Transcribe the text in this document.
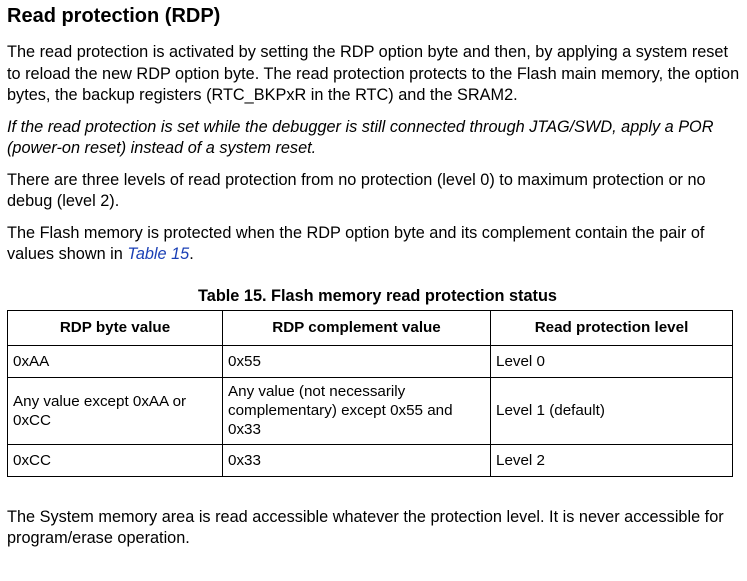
Read protection (RDP)

The read protection is activated by setting the RDP option byte and then, by applying a system reset to reload the new RDP option byte. The read protection protects to the Flash main memory, the option bytes, the backup registers (RTC_BKPxR in the RTC) and the SRAM2.

If the read protection is set while the debugger is still connected through JTAG/SWD, apply a POR (power-on reset) instead of a system reset.

There are three levels of read protection from no protection (level 0) to maximum protection or no debug (level 2).

The Flash memory is protected when the RDP option byte and its complement contain the pair of values shown in Table 15.

Table 15. Flash memory read protection status
RDP byte value	RDP complement value	Read protection level
0xAA	0x55	Level 0
Any value except 0xAA or 0xCC	Any value (not necessarily complementary) except 0x55 and 0x33	Level 1 (default)
0xCC	0x33	Level 2

The System memory area is read accessible whatever the protection level. It is never accessible for program/erase operation.
